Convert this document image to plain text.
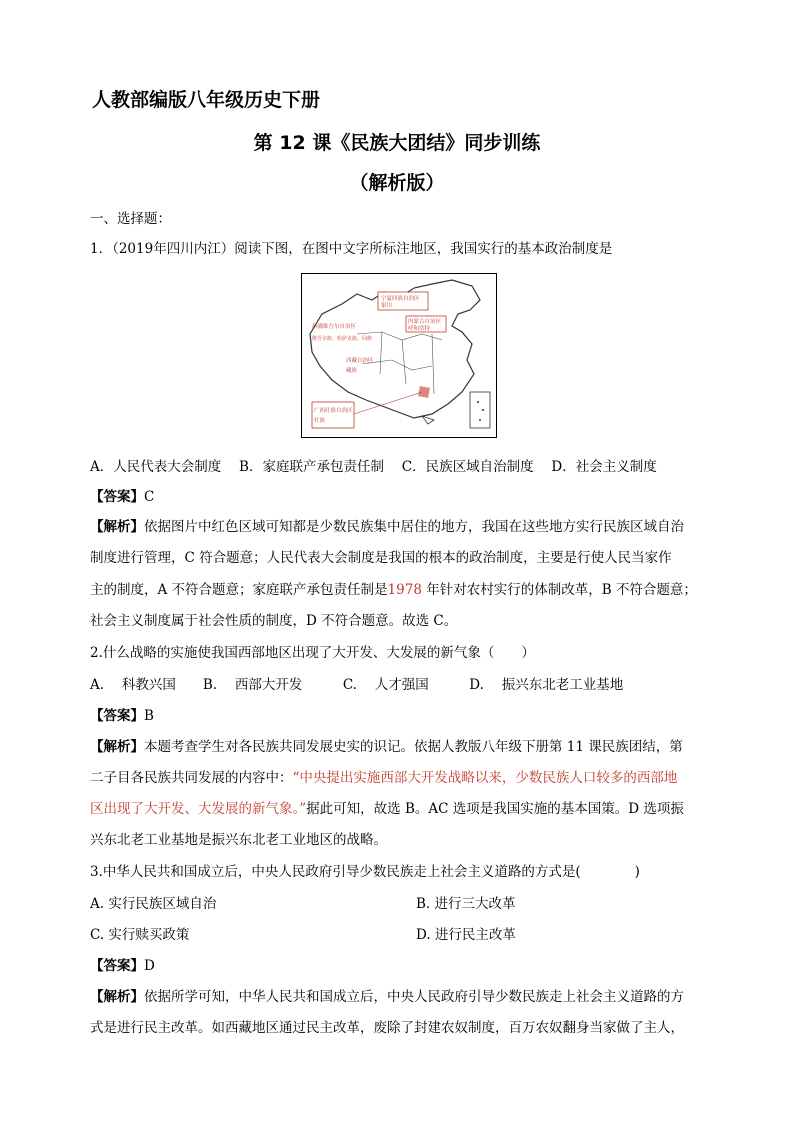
人教部编版八年级历史下册
第 12 课《民族大团结》同步训练
（解析版）
一、选择题：
1．（2019年四川内江）阅读下图，在图中文字所标注地区，我国实行的基本政治制度是
宁夏回族自治区
银川
内蒙古自治区
呼和浩特
新疆维吾尔自治区
维吾尔族、哈萨克族、回族
西藏自治区
藏族
广西壮族自治区
壮族
A．人民代表大会制度　 B．家庭联产承包责任制　 C．民族区域自治制度　 D．社会主义制度
【答案】C
【解析】依据图片中红色区域可知都是少数民族集中居住的地方，我国在这些地方实行民族区域自治
制度进行管理，C 符合题意；人民代表大会制度是我国的根本的政治制度，主要是行使人民当家作
主的制度，A 不符合题意；家庭联产承包责任制是1978 年针对农村实行的体制改革，B 不符合题意；
社会主义制度属于社会性质的制度，D 不符合题意。故选 C。
2.什么战略的实施使我国西部地区出现了大开发、大发展的新气象（　　）
A.　 科教兴国　　B.　 西部大开发　　　C.　 人才强国　　　D.　 振兴东北老工业基地
【答案】B
【解析】本题考查学生对各民族共同发展史实的识记。依据人教版八年级下册第 11 课民族团结，第
二子目各民族共同发展的内容中：“中央提出实施西部大开发战略以来，少数民族人口较多的西部地
区出现了大开发、大发展的新气象。”据此可知，故选 B。AC 选项是我国实施的基本国策。D 选项振
兴东北老工业基地是振兴东北老工业地区的战略。
3.中华人民共和国成立后，中央人民政府引导少数民族走上社会主义道路的方式是(　　　　)
A. 实行民族区域自治	B. 进行三大改革
C. 实行赎买政策	D. 进行民主改革
【答案】D
【解析】依据所学可知，中华人民共和国成立后，中央人民政府引导少数民族走上社会主义道路的方
式是进行民主改革。如西藏地区通过民主改革，废除了封建农奴制度，百万农奴翻身当家做了主人，
